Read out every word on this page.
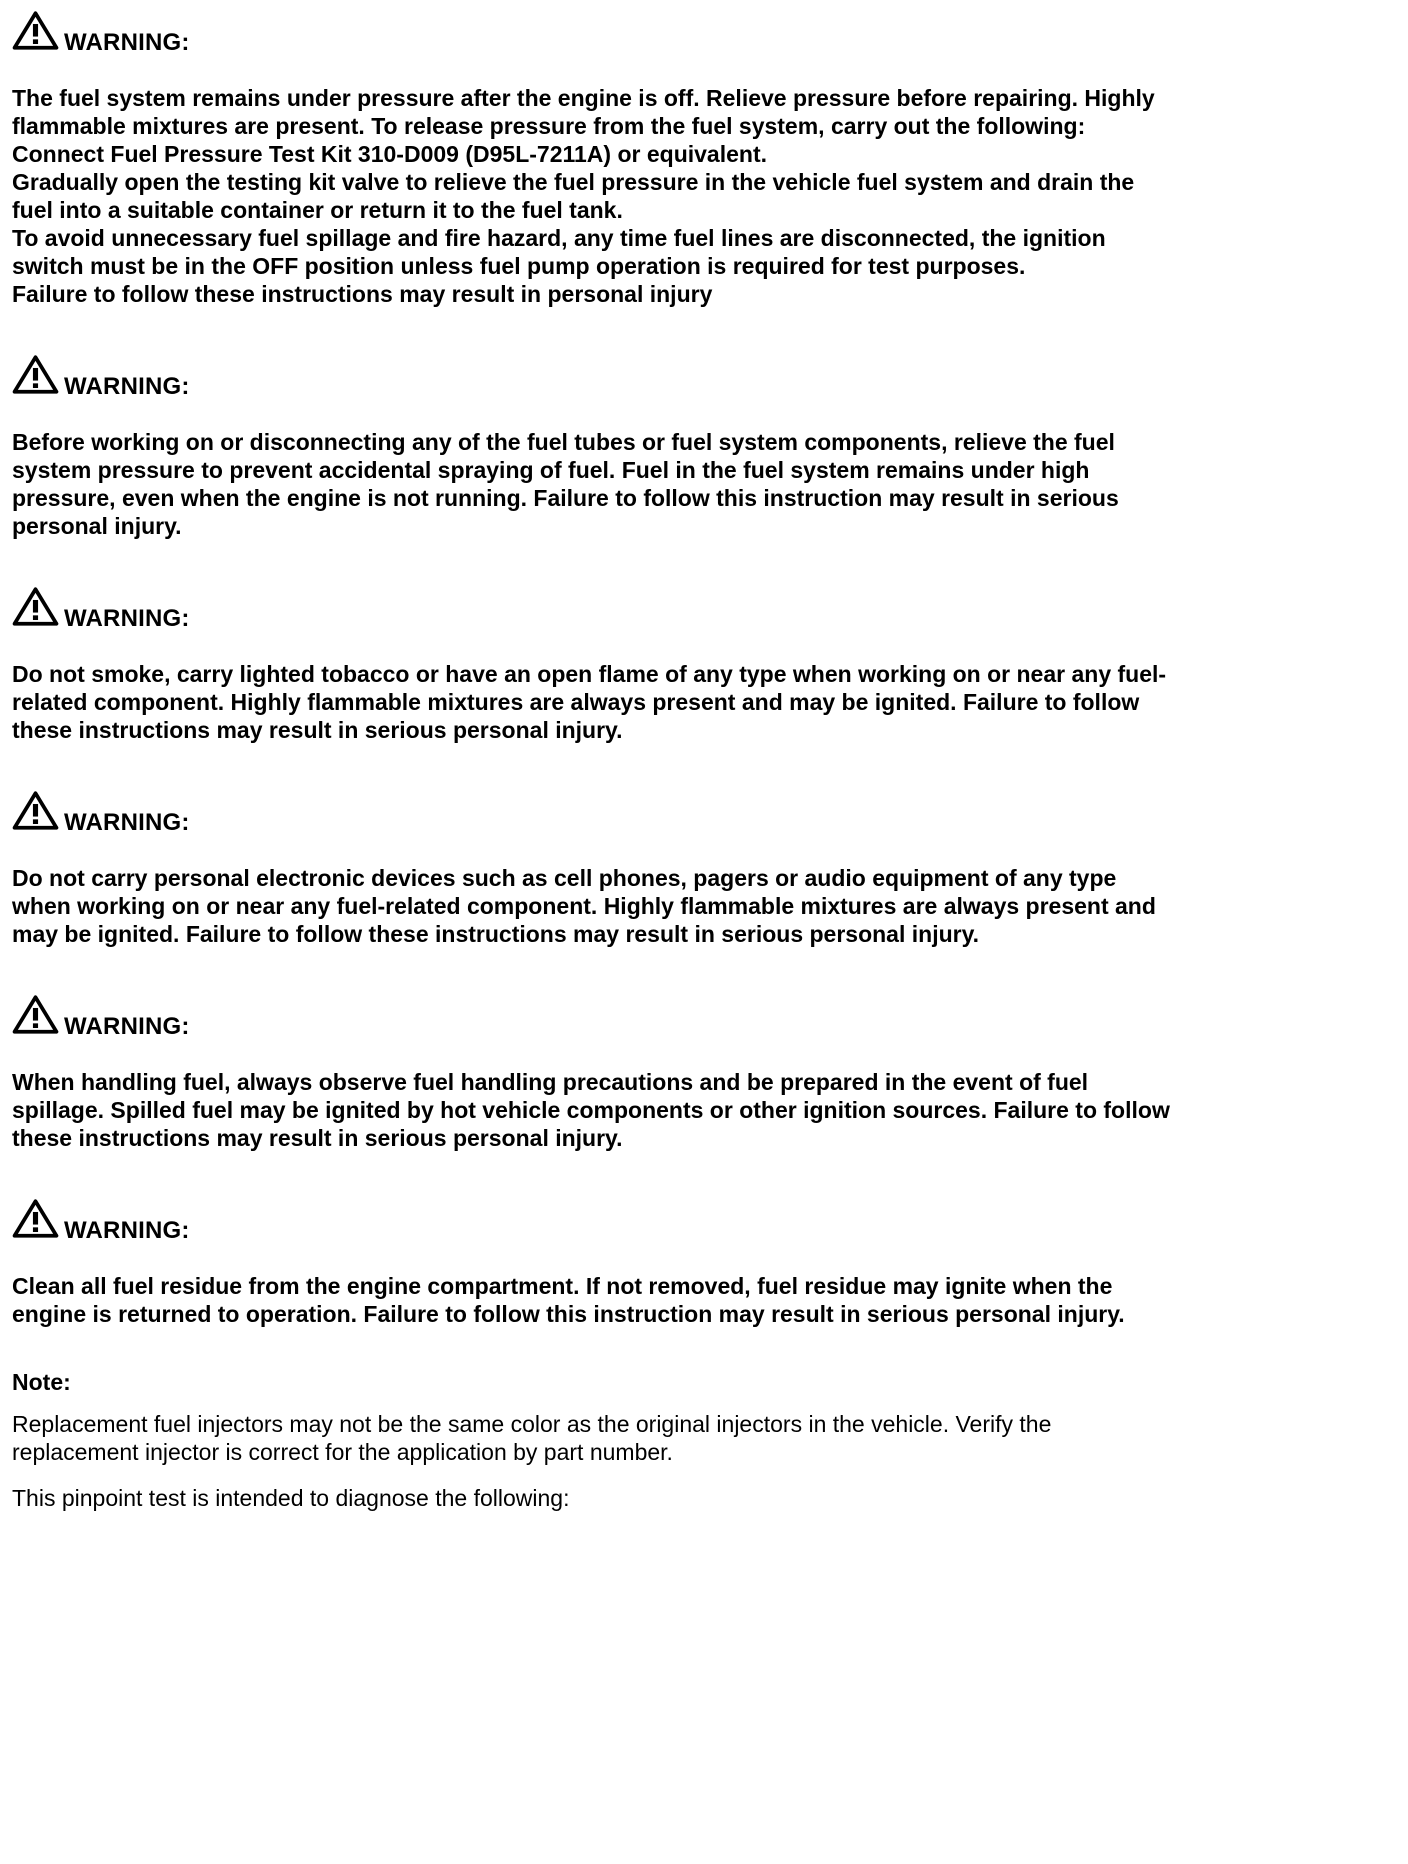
WARNING:

The fuel system remains under pressure after the engine is off. Relieve pressure before repairing. Highly flammable mixtures are present. To release pressure from the fuel system, carry out the following:

Connect Fuel Pressure Test Kit 310-D009 (D95L-7211A) or equivalent.

Gradually open the testing kit valve to relieve the fuel pressure in the vehicle fuel system and drain the fuel into a suitable container or return it to the fuel tank.

To avoid unnecessary fuel spillage and fire hazard, any time fuel lines are disconnected, the ignition switch must be in the OFF position unless fuel pump operation is required for test purposes.

Failure to follow these instructions may result in personal injury

WARNING:

Before working on or disconnecting any of the fuel tubes or fuel system components, relieve the fuel system pressure to prevent accidental spraying of fuel. Fuel in the fuel system remains under high pressure, even when the engine is not running. Failure to follow this instruction may result in serious personal injury.

WARNING:

Do not smoke, carry lighted tobacco or have an open flame of any type when working on or near any fuel-related component. Highly flammable mixtures are always present and may be ignited. Failure to follow these instructions may result in serious personal injury.

WARNING:

Do not carry personal electronic devices such as cell phones, pagers or audio equipment of any type when working on or near any fuel-related component. Highly flammable mixtures are always present and may be ignited. Failure to follow these instructions may result in serious personal injury.

WARNING:

When handling fuel, always observe fuel handling precautions and be prepared in the event of fuel spillage. Spilled fuel may be ignited by hot vehicle components or other ignition sources. Failure to follow these instructions may result in serious personal injury.

WARNING:

Clean all fuel residue from the engine compartment. If not removed, fuel residue may ignite when the engine is returned to operation. Failure to follow this instruction may result in serious personal injury.

Note:

Replacement fuel injectors may not be the same color as the original injectors in the vehicle. Verify the replacement injector is correct for the application by part number.

This pinpoint test is intended to diagnose the following:
